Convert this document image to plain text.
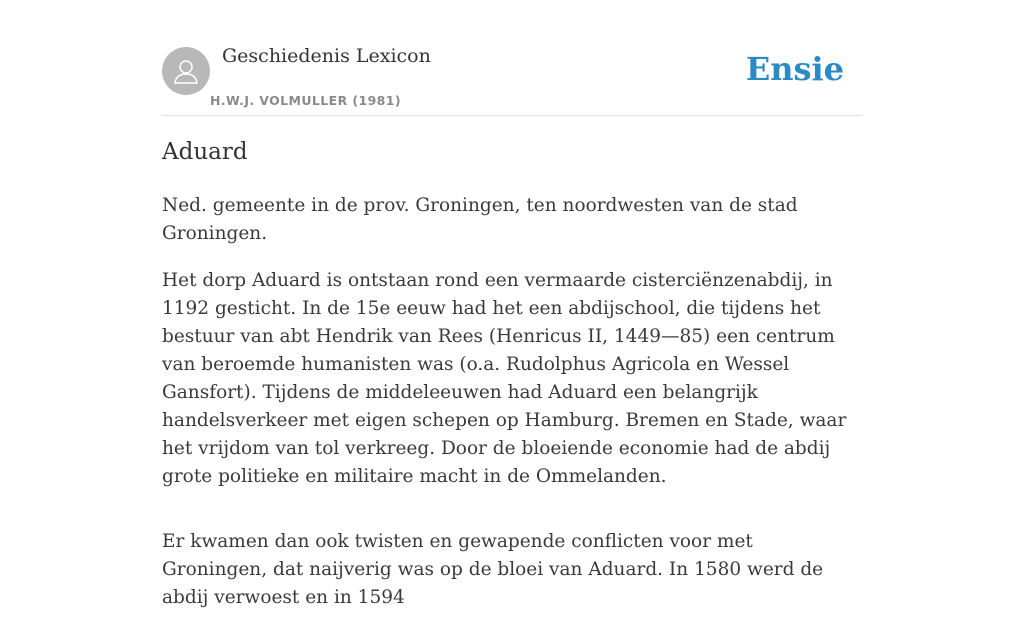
Geschiedenis Lexicon
H.W.J. VOLMULLER (1981)
Ensie
Aduard

Ned. gemeente in de prov. Groningen, ten noordwesten van de stad Groningen.

Het dorp Aduard is ontstaan rond een vermaarde cisterciënzenabdij, in 1192 gesticht. In de 15e eeuw had het een abdijschool, die tijdens het bestuur van abt Hendrik van Rees (Henricus II, 1449—85) een centrum van beroemde humanisten was (o.a. Rudolphus Agricola en Wessel Gansfort). Tijdens de middeleeuwen had Aduard een belangrijk handelsverkeer met eigen schepen op Hamburg. Bremen en Stade, waar het vrijdom van tol verkreeg. Door de bloeiende economie had de abdij grote politieke en militaire macht in de Ommelanden.

Er kwamen dan ook twisten en gewapende conflicten voor met Groningen, dat naijverig was op de bloei van Aduard. In 1580 werd de abdij verwoest en in 1594
